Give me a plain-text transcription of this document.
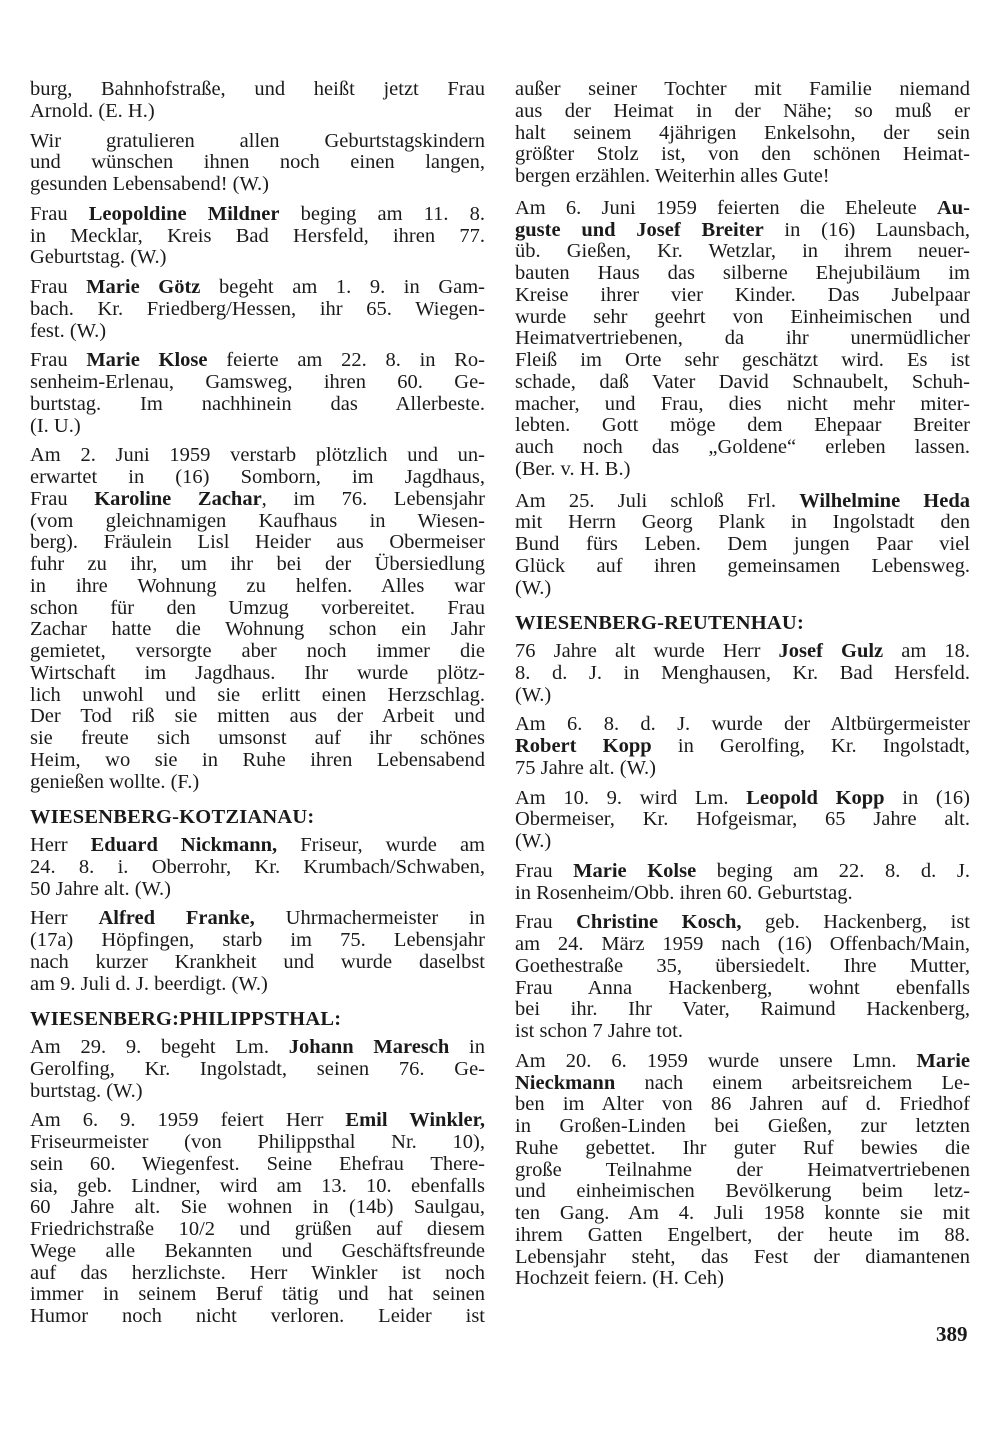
burg, Bahnhofstraße, und heißt jetzt Frau
Arnold. (E. H.)
Wir gratulieren allen Geburtstagskindern
und wünschen ihnen noch einen langen,
gesunden Lebensabend! (W.)
Frau Leopoldine Mildner beging am 11. 8.
in Mecklar, Kreis Bad Hersfeld, ihren 77.
Geburtstag. (W.)
Frau Marie Götz begeht am 1. 9. in Gam-
bach. Kr. Friedberg/Hessen, ihr 65. Wiegen-
fest. (W.)
Frau Marie Klose feierte am 22. 8. in Ro-
senheim-Erlenau, Gamsweg, ihren 60. Ge-
burtstag. Im nachhinein das Allerbeste.
(I. U.)
Am 2. Juni 1959 verstarb plötzlich und un-
erwartet in (16) Somborn, im Jagdhaus,
Frau Karoline Zachar, im 76. Lebensjahr
(vom gleichnamigen Kaufhaus in Wiesen-
berg). Fräulein Lisl Heider aus Obermeiser
fuhr zu ihr, um ihr bei der Übersiedlung
in ihre Wohnung zu helfen. Alles war
schon für den Umzug vorbereitet. Frau
Zachar hatte die Wohnung schon ein Jahr
gemietet, versorgte aber noch immer die
Wirtschaft im Jagdhaus. Ihr wurde plötz-
lich unwohl und sie erlitt einen Herzschlag.
Der Tod riß sie mitten aus der Arbeit und
sie freute sich umsonst auf ihr schönes
Heim, wo sie in Ruhe ihren Lebensabend
genießen wollte. (F.)
WIESENBERG-KOTZIANAU:
Herr Eduard Nickmann, Friseur, wurde am
24. 8. i. Oberrohr, Kr. Krumbach/Schwaben,
50 Jahre alt. (W.)
Herr Alfred Franke, Uhrmachermeister in
(17a) Höpfingen, starb im 75. Lebensjahr
nach kurzer Krankheit und wurde daselbst
am 9. Juli d. J. beerdigt. (W.)
WIESENBERG:PHILIPPSTHAL:
Am 29. 9. begeht Lm. Johann Maresch in
Gerolfing, Kr. Ingolstadt, seinen 76. Ge-
burtstag. (W.)
Am 6. 9. 1959 feiert Herr Emil Winkler,
Friseurmeister (von Philippsthal Nr. 10),
sein 60. Wiegenfest. Seine Ehefrau There-
sia, geb. Lindner, wird am 13. 10. ebenfalls
60 Jahre alt. Sie wohnen in (14b) Saulgau,
Friedrichstraße 10/2 und grüßen auf diesem
Wege alle Bekannten und Geschäftsfreunde
auf das herzlichste. Herr Winkler ist noch
immer in seinem Beruf tätig und hat seinen
Humor noch nicht verloren. Leider ist
außer seiner Tochter mit Familie niemand
aus der Heimat in der Nähe; so muß er
halt seinem 4jährigen Enkelsohn, der sein
größter Stolz ist, von den schönen Heimat-
bergen erzählen. Weiterhin alles Gute!
Am 6. Juni 1959 feierten die Eheleute Au-
guste und Josef Breiter in (16) Launsbach,
üb. Gießen, Kr. Wetzlar, in ihrem neuer-
bauten Haus das silberne Ehejubiläum im
Kreise ihrer vier Kinder. Das Jubelpaar
wurde sehr geehrt von Einheimischen und
Heimatvertriebenen, da ihr unermüdlicher
Fleiß im Orte sehr geschätzt wird. Es ist
schade, daß Vater David Schnaubelt, Schuh-
macher, und Frau, dies nicht mehr miter-
lebten. Gott möge dem Ehepaar Breiter
auch noch das „Goldene“ erleben lassen.
(Ber. v. H. B.)
Am 25. Juli schloß Frl. Wilhelmine Heda
mit Herrn Georg Plank in Ingolstadt den
Bund fürs Leben. Dem jungen Paar viel
Glück auf ihren gemeinsamen Lebensweg.
(W.)
WIESENBERG-REUTENHAU:
76 Jahre alt wurde Herr Josef Gulz am 18.
8. d. J. in Menghausen, Kr. Bad Hersfeld.
(W.)
Am 6. 8. d. J. wurde der Altbürgermeister
Robert Kopp in Gerolfing, Kr. Ingolstadt,
75 Jahre alt. (W.)
Am 10. 9. wird Lm. Leopold Kopp in (16)
Obermeiser, Kr. Hofgeismar, 65 Jahre alt.
(W.)
Frau Marie Kolse beging am 22. 8. d. J.
in Rosenheim/Obb. ihren 60. Geburtstag.
Frau Christine Kosch, geb. Hackenberg, ist
am 24. März 1959 nach (16) Offenbach/Main,
Goethestraße 35, übersiedelt. Ihre Mutter,
Frau Anna Hackenberg, wohnt ebenfalls
bei ihr. Ihr Vater, Raimund Hackenberg,
ist schon 7 Jahre tot.
Am 20. 6. 1959 wurde unsere Lmn. Marie
Nieckmann nach einem arbeitsreichem Le-
ben im Alter von 86 Jahren auf d. Friedhof
in Großen-Linden bei Gießen, zur letzten
Ruhe gebettet. Ihr guter Ruf bewies die
große Teilnahme der Heimatvertriebenen
und einheimischen Bevölkerung beim letz-
ten Gang. Am 4. Juli 1958 konnte sie mit
ihrem Gatten Engelbert, der heute im 88.
Lebensjahr steht, das Fest der diamantenen
Hochzeit feiern. (H. Ceh)
389
